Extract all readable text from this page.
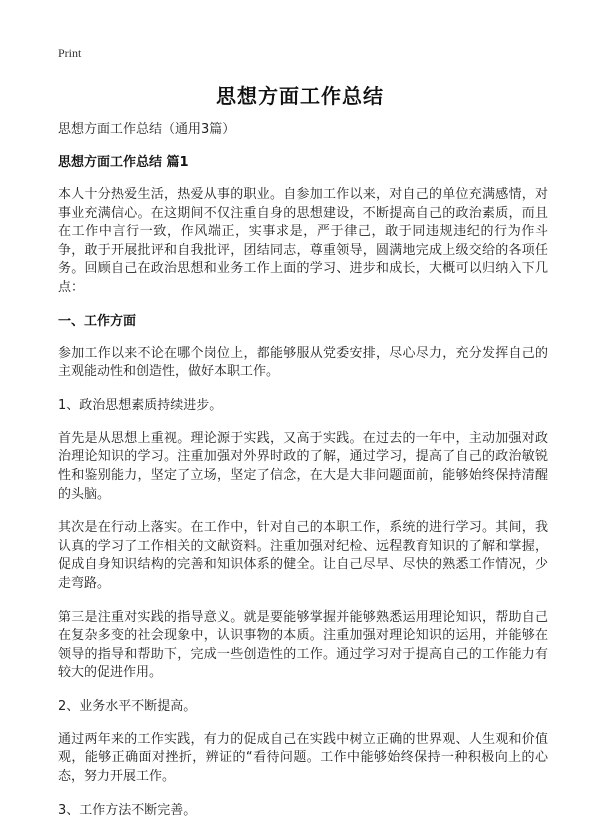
Print
思想方面工作总结

思想方面工作总结（通用3篇）

思想方面工作总结 篇1

本人十分热爱生活，热爱从事的职业。自参加工作以来，对自己的单位充满感情，对事业充满信心。在这期间不仅注重自身的思想建设，不断提高自己的政治素质，而且在工作中言行一致，作风端正，实事求是，严于律己，敢于同违规违纪的行为作斗争，敢于开展批评和自我批评，团结同志，尊重领导，圆满地完成上级交给的各项任务。回顾自己在政治思想和业务工作上面的学习、进步和成长，大概可以归纳入下几点：

一、工作方面

参加工作以来不论在哪个岗位上，都能够服从党委安排，尽心尽力，充分发挥自己的主观能动性和创造性，做好本职工作。

1、政治思想素质持续进步。

首先是从思想上重视。理论源于实践，又高于实践。在过去的一年中，主动加强对政治理论知识的学习。注重加强对外界时政的了解，通过学习，提高了自己的政治敏锐性和鉴别能力，坚定了立场，坚定了信念，在大是大非问题面前，能够始终保持清醒的头脑。

其次是在行动上落实。在工作中，针对自己的本职工作，系统的进行学习。其间，我认真的学习了工作相关的文献资料。注重加强对纪检、远程教育知识的了解和掌握，促成自身知识结构的完善和知识体系的健全。让自己尽早、尽快的熟悉工作情况，少走弯路。

第三是注重对实践的指导意义。就是要能够掌握并能够熟悉运用理论知识，帮助自己在复杂多变的社会现象中，认识事物的本质。注重加强对理论知识的运用，并能够在领导的指导和帮助下，完成一些创造性的工作。通过学习对于提高自己的工作能力有较大的促进作用。

2、业务水平不断提高。

通过两年来的工作实践，有力的促成自己在实践中树立正确的世界观、人生观和价值观，能够正确面对挫折，辨证的“看待问题。工作中能够始终保持一种积极向上的心态，努力开展工作。

3、工作方法不断完善。
